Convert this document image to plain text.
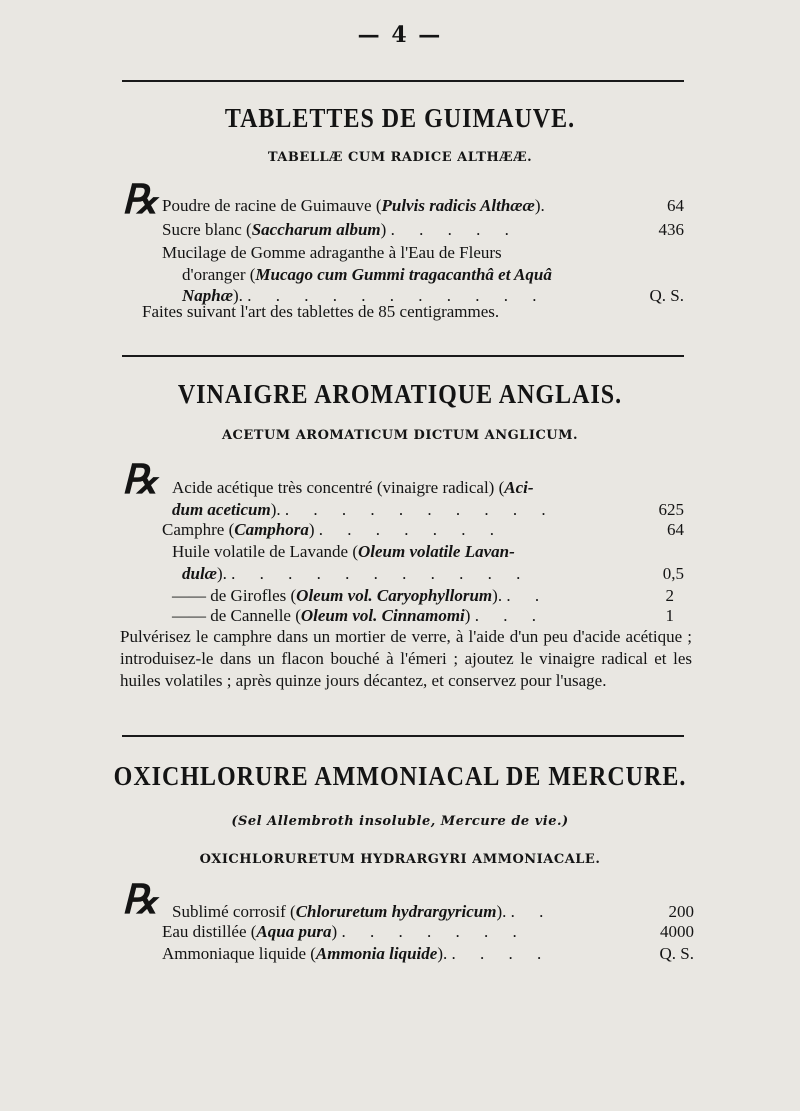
— 4 —
TABLETTES DE GUIMAUVE.
TABELLÆ CUM RADICE ALTHÆÆ.
℞ Poudre de racine de Guimauve (Pulvis radicis Althææ).	64
Sucre blanc (Saccharum album) . . . . .	436
Mucilage de Gomme adraganthe à l'Eau de Fleurs
d'oranger (Mucago cum Gummi tragacanthâ et Aquâ
Naphæ). . . . . . . . . . . .	Q. S.
Faites suivant l'art des tablettes de 85 centigrammes.
VINAIGRE AROMATIQUE ANGLAIS.
ACETUM AROMATICUM DICTUM ANGLICUM.
℞ Acide acétique très concentré (vinaigre radical) (Aci-
dum aceticum). . . . . . . . . . .	625
Camphre (Camphora) . . . . . . .	64
Huile volatile de Lavande (Oleum volatile Lavan-
dulæ). . . . . . . . . . . .	0,5
—— de Girofles (Oleum vol. Caryophyllorum). . .	2
—— de Cannelle (Oleum vol. Cinnamomi) . . .	1
Pulvérisez le camphre dans un mortier de verre, à l'aide d'un peu d'acide acétique ; introduisez-le dans un flacon bouché à l'émeri ; ajoutez le vinaigre radical et les huiles volatiles ; après quinze jours décantez, et conservez pour l'usage.
OXICHLORURE AMMONIACAL DE MERCURE.
(Sel Allembroth insoluble, Mercure de vie.)
OXICHLORURETUM HYDRARGYRI AMMONIACALE.
℞ Sublimé corrosif (Chloruretum hydrargyricum). . .	200
Eau distillée (Aqua pura) . . . . . . .	4000
Ammoniaque liquide (Ammonia liquide). . . . .	Q. S.
